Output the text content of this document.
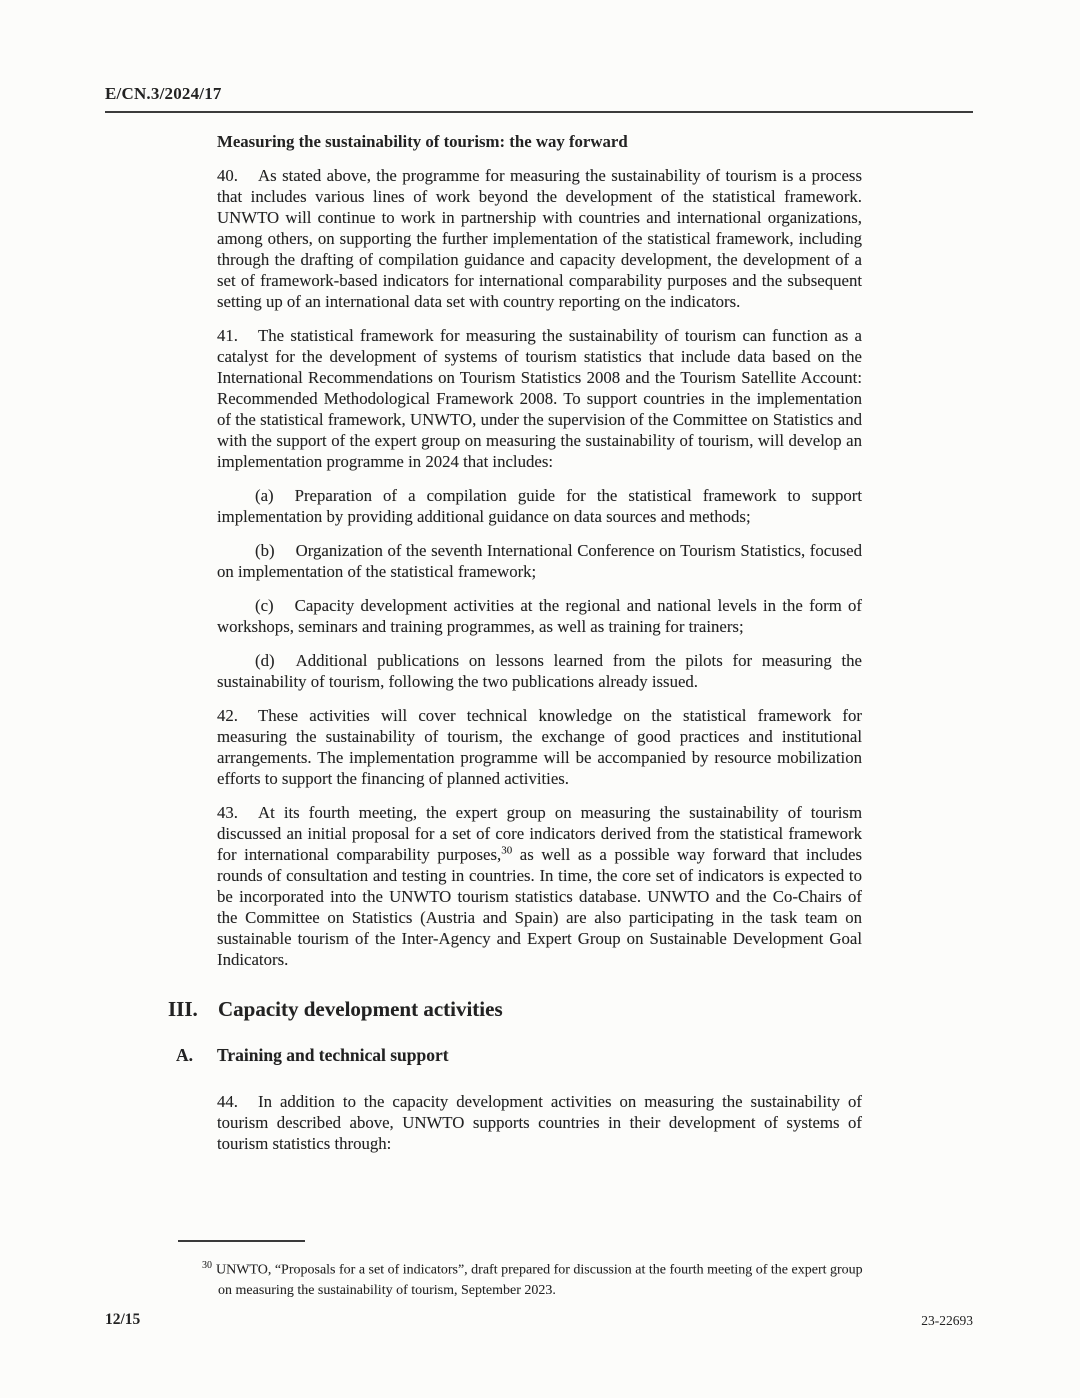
E/CN.3/2024/17

Measuring the sustainability of tourism: the way forward

40. As stated above, the programme for measuring the sustainability of tourism is a process that includes various lines of work beyond the development of the statistical framework. UNWTO will continue to work in partnership with countries and international organizations, among others, on supporting the further implementation of the statistical framework, including through the drafting of compilation guidance and capacity development, the development of a set of framework-based indicators for international comparability purposes and the subsequent setting up of an international data set with country reporting on the indicators.

41. The statistical framework for measuring the sustainability of tourism can function as a catalyst for the development of systems of tourism statistics that include data based on the International Recommendations on Tourism Statistics 2008 and the Tourism Satellite Account: Recommended Methodological Framework 2008. To support countries in the implementation of the statistical framework, UNWTO, under the supervision of the Committee on Statistics and with the support of the expert group on measuring the sustainability of tourism, will develop an implementation programme in 2024 that includes:

(a) Preparation of a compilation guide for the statistical framework to support implementation by providing additional guidance on data sources and methods;

(b) Organization of the seventh International Conference on Tourism Statistics, focused on implementation of the statistical framework;

(c) Capacity development activities at the regional and national levels in the form of workshops, seminars and training programmes, as well as training for trainers;

(d) Additional publications on lessons learned from the pilots for measuring the sustainability of tourism, following the two publications already issued.

42. These activities will cover technical knowledge on the statistical framework for measuring the sustainability of tourism, the exchange of good practices and institutional arrangements. The implementation programme will be accompanied by resource mobilization efforts to support the financing of planned activities.

43. At its fourth meeting, the expert group on measuring the sustainability of tourism discussed an initial proposal for a set of core indicators derived from the statistical framework for international comparability purposes,$^{30}$ as well as a possible way forward that includes rounds of consultation and testing in countries. In time, the core set of indicators is expected to be incorporated into the UNWTO tourism statistics database. UNWTO and the Co-Chairs of the Committee on Statistics (Austria and Spain) are also participating in the task team on sustainable tourism of the Inter-Agency and Expert Group on Sustainable Development Goal Indicators.

III. Capacity development activities
A. Training and technical support

44. In addition to the capacity development activities on measuring the sustainability of tourism described above, UNWTO supports countries in their development of systems of tourism statistics through:

$^{30}$ UNWTO, “Proposals for a set of indicators”, draft prepared for discussion at the fourth meeting of the expert group on measuring the sustainability of tourism, September 2023.

12/15	23-22693
